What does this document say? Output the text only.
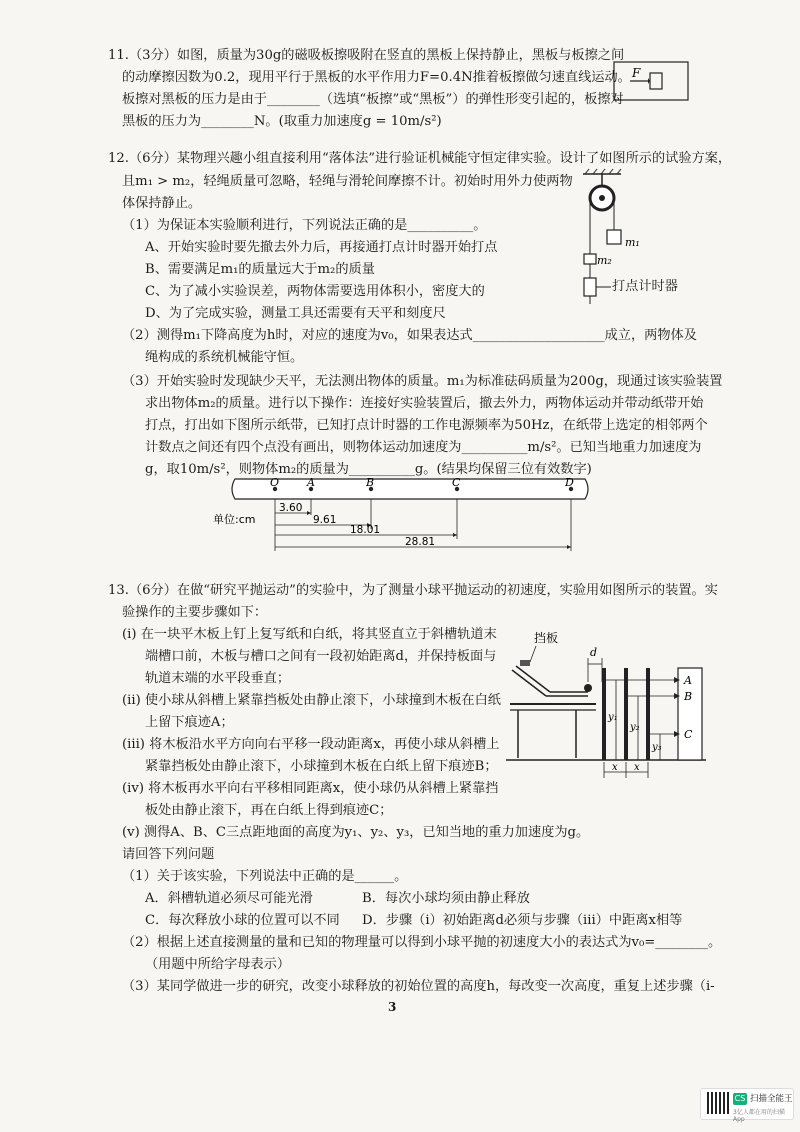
11.（3分）如图，质量为30g的磁吸板擦吸附在竖直的黑板上保持静止，黑板与板擦之间
的动摩擦因数为0.2，现用平行于黑板的水平作用力F=0.4N推着板擦做匀速直线运动。
板擦对黑板的压力是由于________（选填“板擦”或“黑板”）的弹性形变引起的，板擦对
黑板的压力为________N。(取重力加速度g = 10m/s²)
F
12.（6分）某物理兴趣小组直接利用“落体法”进行验证机械能守恒定律实验。设计了如图所示的试验方案，
且m₁ > m₂，轻绳质量可忽略，轻绳与滑轮间摩擦不计。初始时用外力使两物
体保持静止。
（1）为保证本实验顺利进行，下列说法正确的是__________。
A、开始实验时要先撤去外力后，再接通打点计时器开始打点
B、需要满足m₁的质量远大于m₂的质量
C、为了减小实验误差，两物体需要选用体积小，密度大的
D、为了完成实验，测量工具还需要有天平和刻度尺
（2）测得m₁下降高度为h时，对应的速度为v₀，如果表达式____________________成立，两物体及
绳构成的系统机械能守恒。
（3）开始实验时发现缺少天平，无法测出物体的质量。m₁为标准砝码质量为200g，现通过该实验装置
求出物体m₂的质量。进行以下操作：连接好实验装置后，撤去外力，两物体运动并带动纸带开始
打点，打出如下图所示纸带，已知打点计时器的工作电源频率为50Hz，在纸带上选定的相邻两个
计数点之间还有四个点没有画出，则物体运动加速度为__________m/s²。已知当地重力加速度为
g，取10m/s²，则物体m₂的质量为__________g。(结果均保留三位有效数字)
m₁
m₂
打点计时器
O	A	B	C	D
单位:cm
3.60
9.61
18.01
28.81
13.（6分）在做“研究平抛运动”的实验中，为了测量小球平抛运动的初速度，实验用如图所示的装置。实
验操作的主要步骤如下：
(i) 在一块平木板上钉上复写纸和白纸，将其竖直立于斜槽轨道末
端槽口前，木板与槽口之间有一段初始距离d，并保持板面与
轨道末端的水平段垂直；
(ii) 使小球从斜槽上紧靠挡板处由静止滚下，小球撞到木板在白纸
上留下痕迹A；
(iii) 将木板沿水平方向向右平移一段动距离x，再使小球从斜槽上
紧靠挡板处由静止滚下，小球撞到木板在白纸上留下痕迹B；
(iv) 将木板再水平向右平移相同距离x，使小球仍从斜槽上紧靠挡
板处由静止滚下，再在白纸上得到痕迹C；
(v) 测得A、B、C三点距地面的高度为y₁、y₂、y₃，已知当地的重力加速度为g。
请回答下列问题
（1）关于该实验，下列说法中正确的是______。
A．斜槽轨道必须尽可能光滑	B．每次小球均须由静止释放
C．每次释放小球的位置可以不同 D．步骤（i）初始距离d必须与步骤（iii）中距离x相等
（2）根据上述直接测量的量和已知的物理量可以得到小球平抛的初速度大小的表达式为v₀=________。
（用题中所给字母表示）
（3）某同学做进一步的研究，改变小球释放的初始位置的高度h，每改变一次高度，重复上述步骤（i-
挡板
d
A
B
C
y₁
y₂
y₃
x x
3
CS 扫描全能王
3亿人都在用的扫描App
